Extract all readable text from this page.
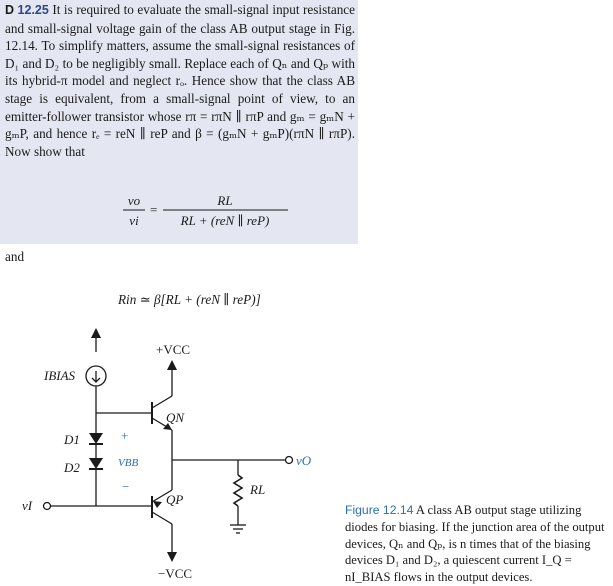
D 12.25 It is required to evaluate the small-signal input resistance and small-signal voltage gain of the class AB output stage in Fig. 12.14. To simplify matters, assume the small-signal resistances of D₁ and D₂ to be negligibly small. Replace each of Qₙ and Qₚ with its hybrid-π model and neglect rₒ. Hence show that the class AB stage is equivalent, from a small-signal point of view, to an emitter-follower transistor whose rπ = rπN ∥ rπP and gₘ = gₘN + gₘP, and hence rₑ = reN ∥ reP and β = (gₘN + gₘP)(rπN ∥ rπP). Now show that

vo
vi
=
RL
RL + (reN ∥ reP)
and
Rin ≃ β[RL + (reN ∥ reP)]
IBIAS
+VCC
−VCC
QN
QP
D1
D2	VBB
+
−	RL
vO
vI	Figure 12.14 A class AB output stage utilizing diodes for biasing. If the junction area of the output devices, Qₙ and Qₚ, is n times that of the biasing devices D₁ and D₂, a quiescent current I_Q = nI_BIAS flows in the output devices.
